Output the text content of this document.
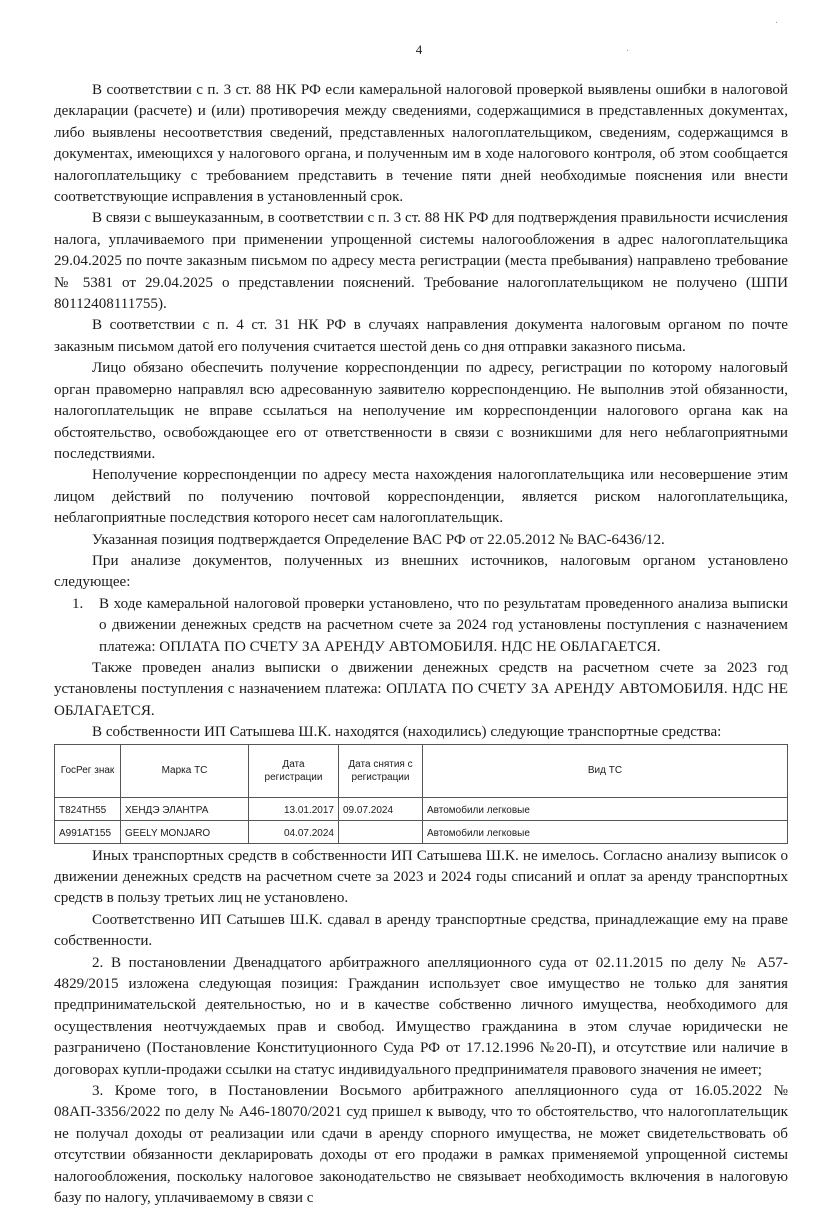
4	·
·

В соответствии с п. 3 ст. 88 НК РФ если камеральной налоговой проверкой выявлены ошибки в налоговой декларации (расчете) и (или) противоречия между сведениями, содержащимися в представленных документах, либо выявлены несоответствия сведений, представленных налогоплательщиком, сведениям, содержащимся в документах, имеющихся у налогового органа, и полученным им в ходе налогового контроля, об этом сообщается налогоплательщику с требованием представить в течение пяти дней необходимые пояснения или внести соответствующие исправления в установленный срок.

В связи с вышеуказанным, в соответствии с п. 3 ст. 88 НК РФ для подтверждения правильности исчисления налога, уплачиваемого при применении упрощенной системы налогообложения в адрес налогоплательщика 29.04.2025 по почте заказным письмом по адресу места регистрации (места пребывания) направлено требование № 5381 от 29.04.2025 о представлении пояснений. Требование налогоплательщиком не получено (ШПИ 80112408111755).

В соответствии с п. 4 ст. 31 НК РФ в случаях направления документа налоговым органом по почте заказным письмом датой его получения считается шестой день со дня отправки заказного письма.

Лицо обязано обеспечить получение корреспонденции по адресу, регистрации по которому налоговый орган правомерно направлял всю адресованную заявителю корреспонденцию. Не выполнив этой обязанности, налогоплательщик не вправе ссылаться на неполучение им корреспонденции налогового органа как на обстоятельство, освобождающее его от ответственности в связи с возникшими для него неблагоприятными последствиями.

Неполучение корреспонденции по адресу места нахождения налогоплательщика или несовершение этим лицом действий по получению почтовой корреспонденции, является риском налогоплательщика, неблагоприятные последствия которого несет сам налогоплательщик.

Указанная позиция подтверждается Определение ВАС РФ от 22.05.2012 № ВАС-6436/12.

При анализе документов, полученных из внешних источников, налоговым органом установлено следующее:

1. В ходе камеральной налоговой проверки установлено, что по результатам проведенного анализа выписки о движении денежных средств на расчетном счете за 2024 год установлены поступления с назначением платежа: ОПЛАТА ПО СЧЕТУ ЗА АРЕНДУ АВТОМОБИЛЯ. НДС НЕ ОБЛАГАЕТСЯ.

Также проведен анализ выписки о движении денежных средств на расчетном счете за 2023 год установлены поступления с назначением платежа: ОПЛАТА ПО СЧЕТУ ЗА АРЕНДУ АВТОМОБИЛЯ. НДС НЕ ОБЛАГАЕТСЯ.

В собственности ИП Сатышева Ш.К. находятся (находились) следующие транспортные средства:
ГосРег знак	Марка ТС	Дата регистрации	Дата снятия с регистрации	Вид ТС
Т824ТН55	ХЕНДЭ ЭЛАНТРА	13.01.2017	09.07.2024	Автомобили легковые
А991АТ155	GEELY MONJARO	04.07.2024		Автомобили легковые

Иных транспортных средств в собственности ИП Сатышева Ш.К. не имелось. Согласно анализу выписок о движении денежных средств на расчетном счете за 2023 и 2024 годы списаний и оплат за аренду транспортных средств в пользу третьих лиц не установлено.

Соответственно ИП Сатышев Ш.К. сдавал в аренду транспортные средства, принадлежащие ему на праве собственности.

2. В постановлении Двенадцатого арбитражного апелляционного суда от 02.11.2015 по делу № А57-4829/2015 изложена следующая позиция: Гражданин использует свое имущество не только для занятия предпринимательской деятельностью, но и в качестве собственно личного имущества, необходимого для осуществления неотчуждаемых прав и свобод. Имущество гражданина в этом случае юридически не разграничено (Постановление Конституционного Суда РФ от 17.12.1996 №20-П), и отсутствие или наличие в договорах купли-продажи ссылки на статус индивидуального предпринимателя правового значения не имеет;

3. Кроме того, в Постановлении Восьмого арбитражного апелляционного суда от 16.05.2022 № 08АП-3356/2022 по делу № А46-18070/2021 суд пришел к выводу, что то обстоятельство, что налогоплательщик не получал доходы от реализации или сдачи в аренду спорного имущества, не может свидетельствовать об отсутствии обязанности декларировать доходы от его продажи в рамках применяемой упрощенной системы налогообложения, поскольку налоговое законодательство не связывает необходимость включения в налоговую базу по налогу, уплачиваемому в связи с
